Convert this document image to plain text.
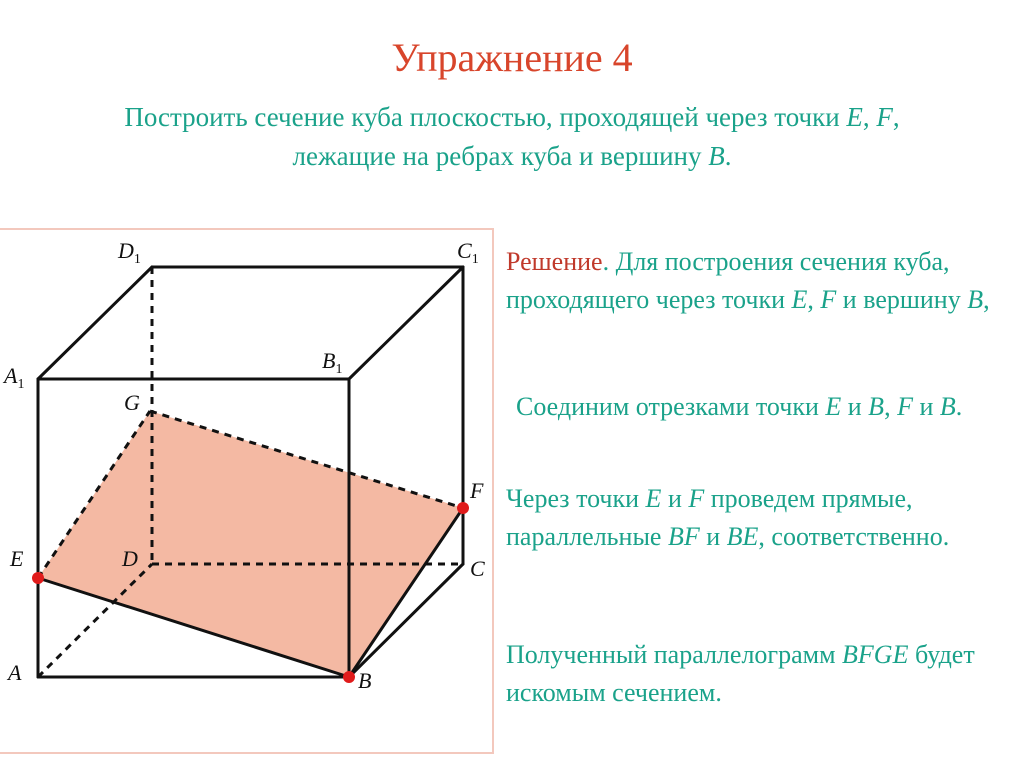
Упражнение 4
Построить сечение куба плоскостью, проходящей через точки E, F,
лежащие на ребрах куба и вершину B.
$A_1$
$D_1$	$C_1$
$B_1$
G
F
E	D	C
A	B
Решение. Для построения сечения куба, проходящего через точки E, F и вершину B,
Соединим отрезками точки E и B, F и B.
Через точки E и F проведем прямые, параллельные BF и BE, соответственно.
Полученный параллелограмм BFGE будет искомым сечением.
